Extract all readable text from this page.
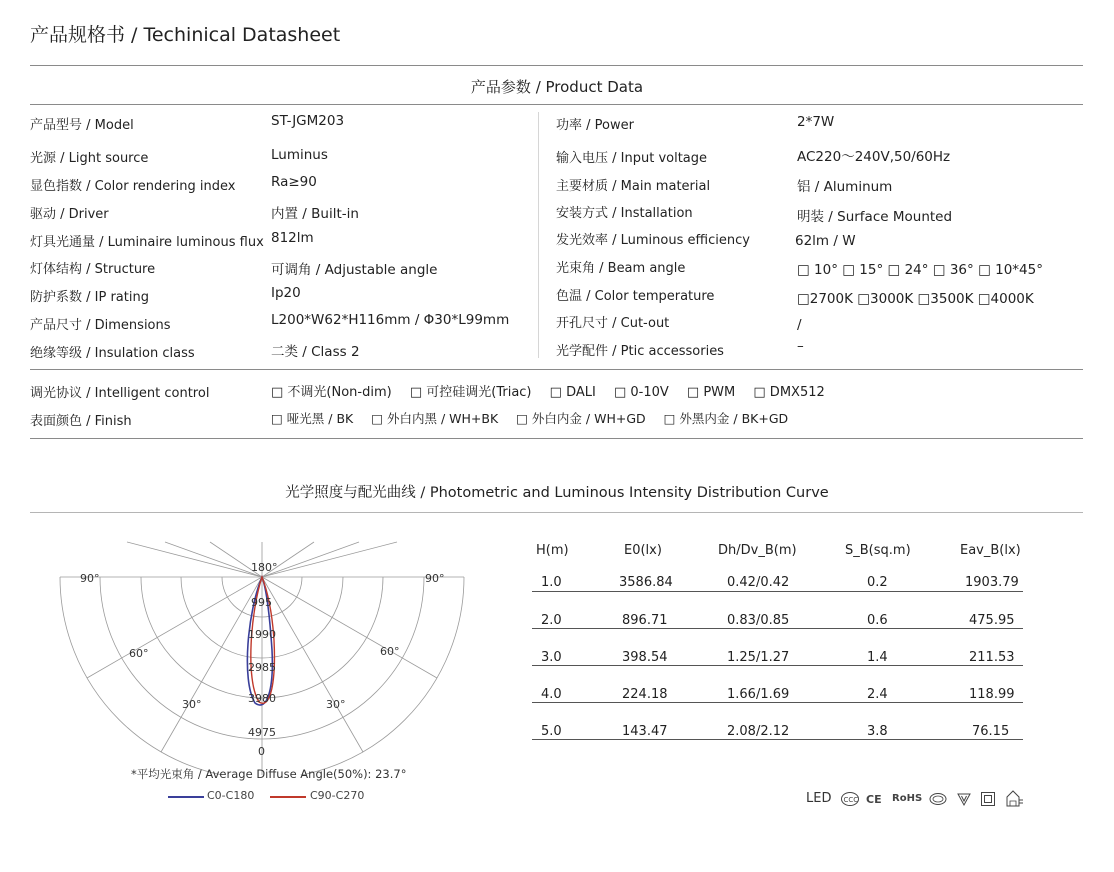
产品规格书 / Techinical Datasheet
产品参数 / Product Data
产品型号 / Model	ST-JGM203
光源 / Light source	Luminus
显色指数 / Color rendering index	Ra≥90
驱动 / Driver	内置 / Built-in
灯具光通量 / Luminaire luminous flux 812lm
灯体结构 / Structure	可调角 / Adjustable angle
防护系数 / IP rating	Ip20
产品尺寸 / Dimensions	L200*W62*H116mm / Φ30*L99mm
绝缘等级 / Insulation class	二类 / Class 2
功率 / Power	2*7W
输入电压 / Input voltage	AC220～240V,50/60Hz
主要材质 / Main material	铝 / Aluminum
安装方式 / Installation	明装 / Surface Mounted
发光效率 / Luminous efficiency	62lm / W
光束角 / Beam angle	□ 10° □ 15° □ 24° □ 36° □ 10*45°
色温 / Color temperature	□2700K □3000K □3500K □4000K
开孔尺寸 / Cut-out	/
光学配件 / Ptic accessories	–
调光协议 / Intelligent control	□ 不调光(Non-dim) □ 可控硅调光(Triac) □ DALI □ 0-10V □ PWM □ DMX512
表面颜色 / Finish	□ 哑光黑 / BK □ 外白内黑 / WH+BK □ 外白内金 / WH+GD □ 外黑内金 / BK+GD
光学照度与配光曲线 / Photometric and Luminous Intensity Distribution Curve
180°
90°	90°
60°	60°
30°	30°
0
995
1990
2985
3980
4975
*平均光束角 / Average Diffuse Angle(50%): 23.7°
C0-C180	C90-C270
H(m)	E0(lx)	Dh/Dv_B(m)	S_B(sq.m)	Eav_B(lx)
1.0	3586.84	0.42/0.42	0.2	1903.79
2.0	896.71	0.83/0.85	0.6	475.95
3.0	398.54	1.25/1.27	1.4	211.53
4.0	224.18	1.66/1.69	2.4	118.99
5.0	143.47	2.08/2.12	3.8	76.15
LED CCC CE RoHS
